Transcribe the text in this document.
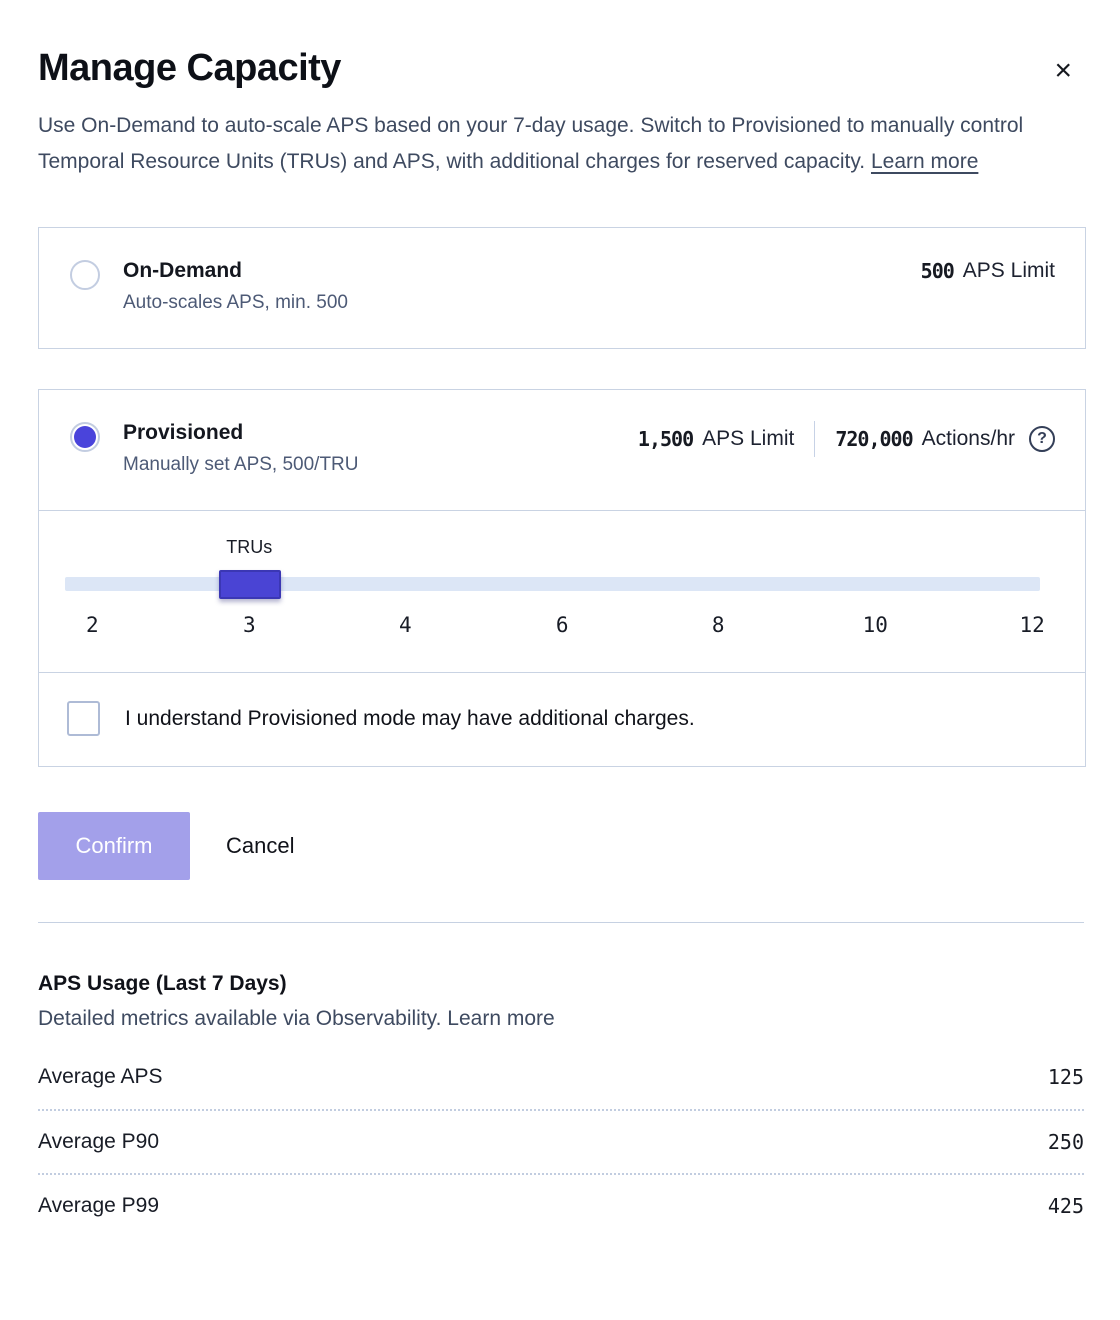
Manage Capacity	×

Use On-Demand to auto-scale APS based on your 7-day usage. Switch to Provisioned to manually control Temporal Resource Units (TRUs) and APS, with additional charges for reserved capacity. Learn more

On-Demand
Auto-scales APS, min. 500
500 APS Limit
Provisioned
Manually set APS, 500/TRU
1,500 APS Limit 720,000 Actions/hr	?
TRUs
2	3	4	6	8	10	12
I understand Provisioned mode may have additional charges.
Confirm	Cancel
APS Usage (Last 7 Days)
Detailed metrics available via Observability. Learn more
Average APS	125
Average P90	250
Average P99	425
